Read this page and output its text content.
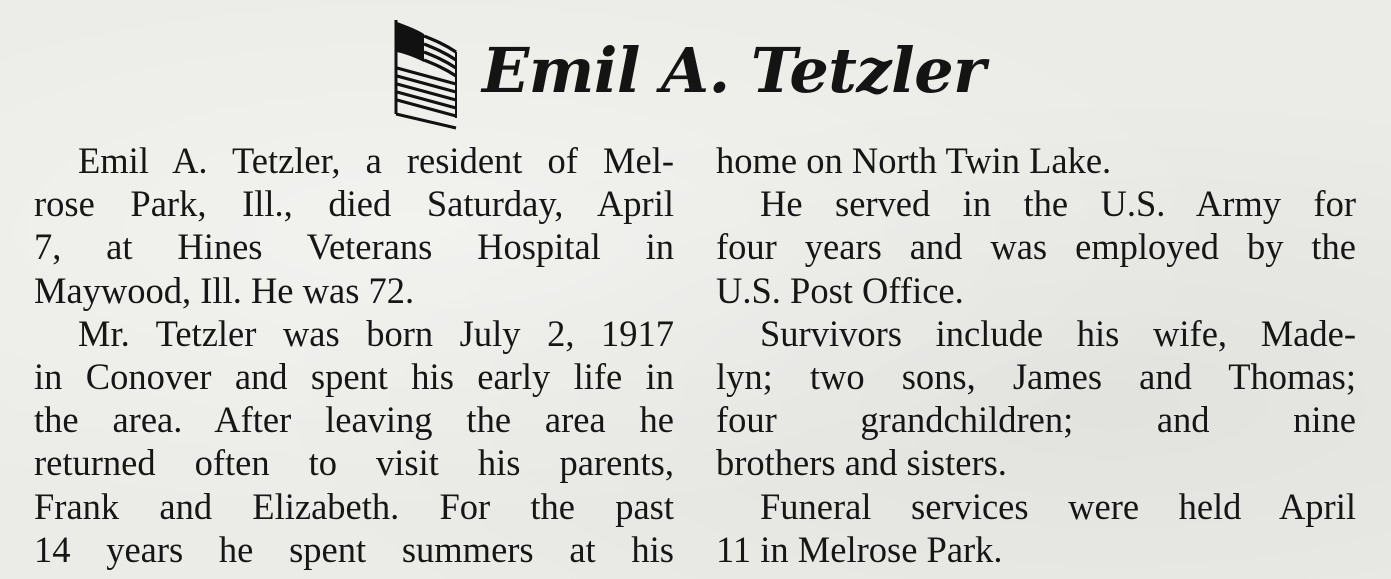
Emil A. Tetzler
Emil A. Tetzler, a resident of Mel-
rose Park, Ill., died Saturday, April
7, at Hines Veterans Hospital in
Maywood, Ill. He was 72.
Mr. Tetzler was born July 2, 1917
in Conover and spent his early life in
the area. After leaving the area he
returned often to visit his parents,
Frank and Elizabeth. For the past
14 years he spent summers at his
home on North Twin Lake.
He served in the U.S. Army for
four years and was employed by the
U.S. Post Office.
Survivors include his wife, Made-
lyn; two sons, James and Thomas;
four grandchildren; and nine
brothers and sisters.
Funeral services were held April
11 in Melrose Park.
